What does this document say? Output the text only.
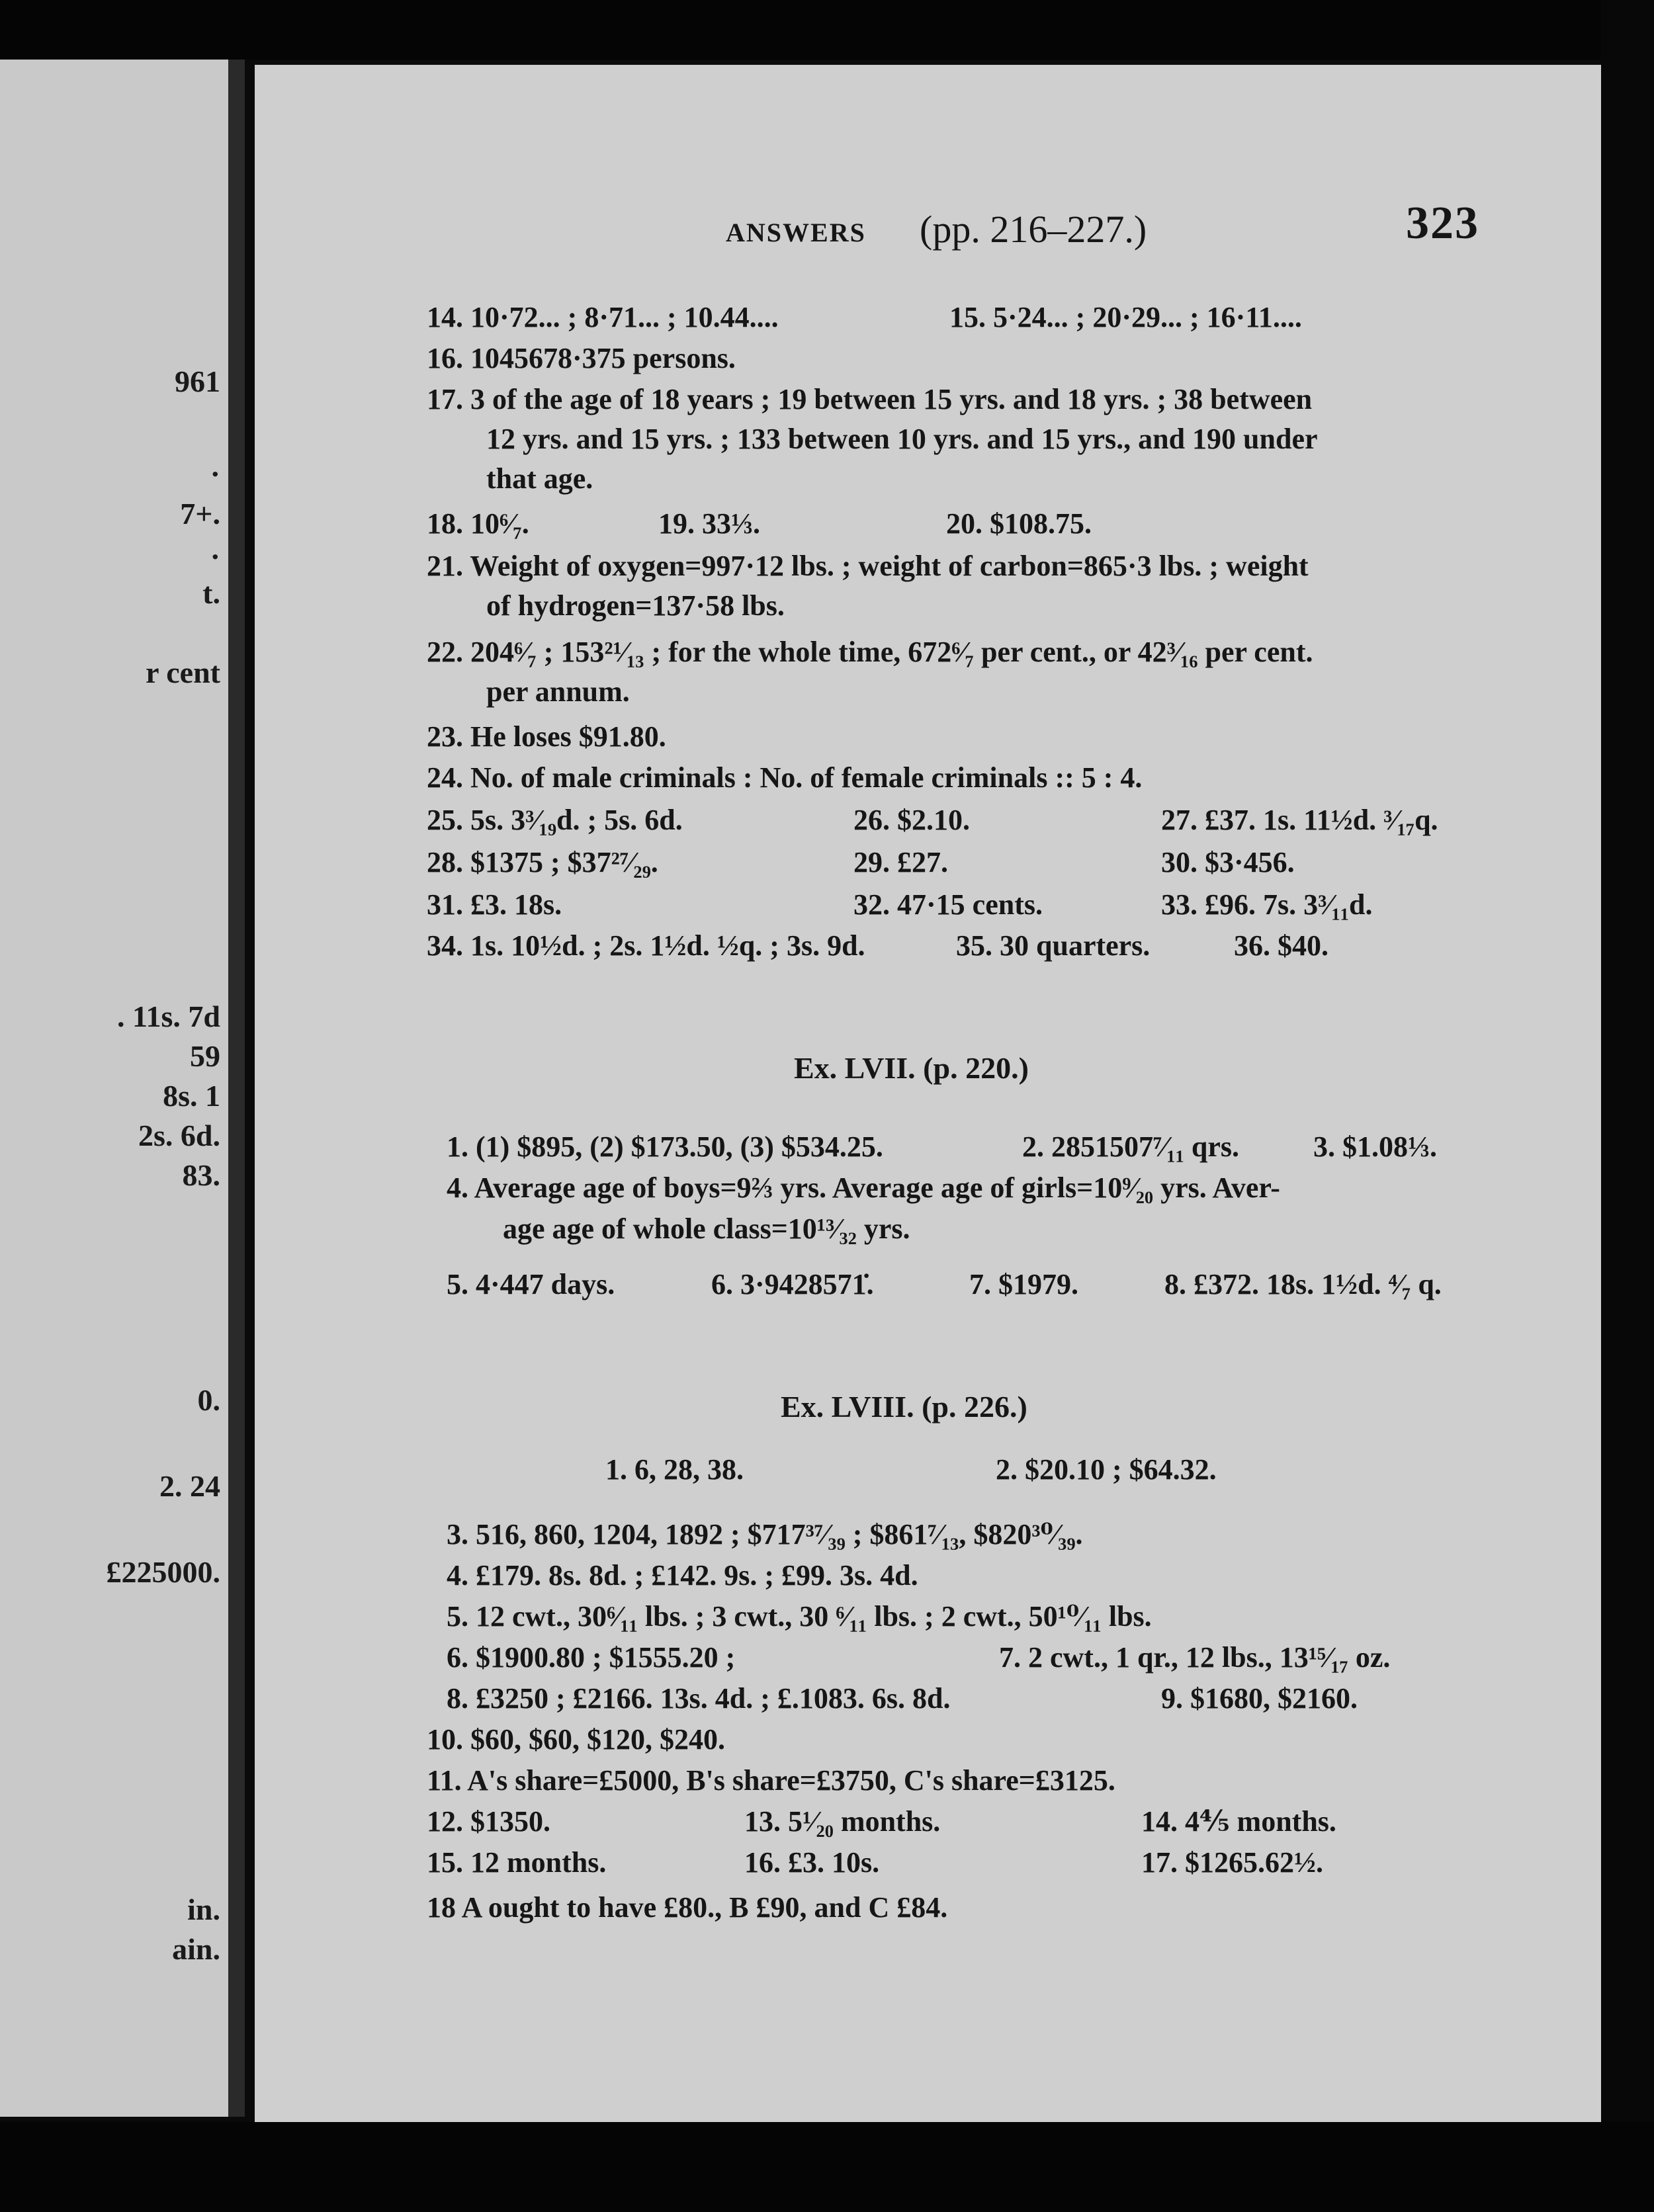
961
·
7+.
·
t.
r cent
. 11s. 7d
59
8s. 1
2s. 6d.
83.
0.
2. 24
£225000.
in.
ain.
ANSWERS (pp. 216–227.)	323
14. 10·72... ; 8·71... ; 10.44....	15. 5·24... ; 20·29... ; 16·11....
16. 1045678·375 persons.
17. 3 of the age of 18 years ; 19 between 15 yrs. and 18 yrs. ; 38 between
12 yrs. and 15 yrs. ; 133 between 10 yrs. and 15 yrs., and 190 under
that age.
18. 10⁶⁄₇.	19. 33⅓.	20. $108.75.
21. Weight of oxygen=997·12 lbs. ; weight of carbon=865·3 lbs. ; weight
of hydrogen=137·58 lbs.
22. 204⁶⁄₇ ; 153²¹⁄₁₃ ; for the whole time, 672⁶⁄₇ per cent., or 42³⁄₁₆ per cent.
per annum.
23. He loses $91.80.
24. No. of male criminals : No. of female criminals :: 5 : 4.
25. 5s. 3³⁄₁₉d. ; 5s. 6d.	26. $2.10.	27. £37. 1s. 11½d. ³⁄₁₇q.
28. $1375 ; $37²⁷⁄₂₉.	29. £27.	30. $3·456.
31. £3. 18s.	32. 47·15 cents.	33. £96. 7s. 3³⁄₁₁d.
34. 1s. 10½d. ; 2s. 1½d. ½q. ; 3s. 9d.	35. 30 quarters.	36. $40.
Ex. LVII. (p. 220.)
1. (1) $895, (2) $173.50, (3) $534.25.	2. 2851507⁷⁄₁₁ qrs.	3. $1.08⅓.
4. Average age of boys=9⅔ yrs. Average age of girls=10⁹⁄₂₀ yrs. Aver-
age age of whole class=10¹³⁄₃₂ yrs.
5. 4·447 days.	6. 3·9428571̇.	7. $1979.	8. £372. 18s. 1½d. ⁴⁄₇ q.
Ex. LVIII. (p. 226.)
1. 6, 28, 38.	2. $20.10 ; $64.32.
3. 516, 860, 1204, 1892 ; $717³⁷⁄₃₉ ; $861⁷⁄₁₃, $820³⁰⁄₃₉.
4. £179. 8s. 8d. ; £142. 9s. ; £99. 3s. 4d.
5. 12 cwt., 30⁶⁄₁₁ lbs. ; 3 cwt., 30 ⁶⁄₁₁ lbs. ; 2 cwt., 50¹⁰⁄₁₁ lbs.
6. $1900.80 ; $1555.20 ;	7. 2 cwt., 1 qr., 12 lbs., 13¹⁵⁄₁₇ oz.
8. £3250 ; £2166. 13s. 4d. ; £.1083. 6s. 8d.	9. $1680, $2160.
10. $60, $60, $120, $240.
11. A's share=£5000, B's share=£3750, C's share=£3125.
12. $1350.	13. 5¹⁄₂₀ months.	14. 4⅘ months.
15. 12 months.	16. £3. 10s.	17. $1265.62½.
18 A ought to have £80., B £90, and C £84.
